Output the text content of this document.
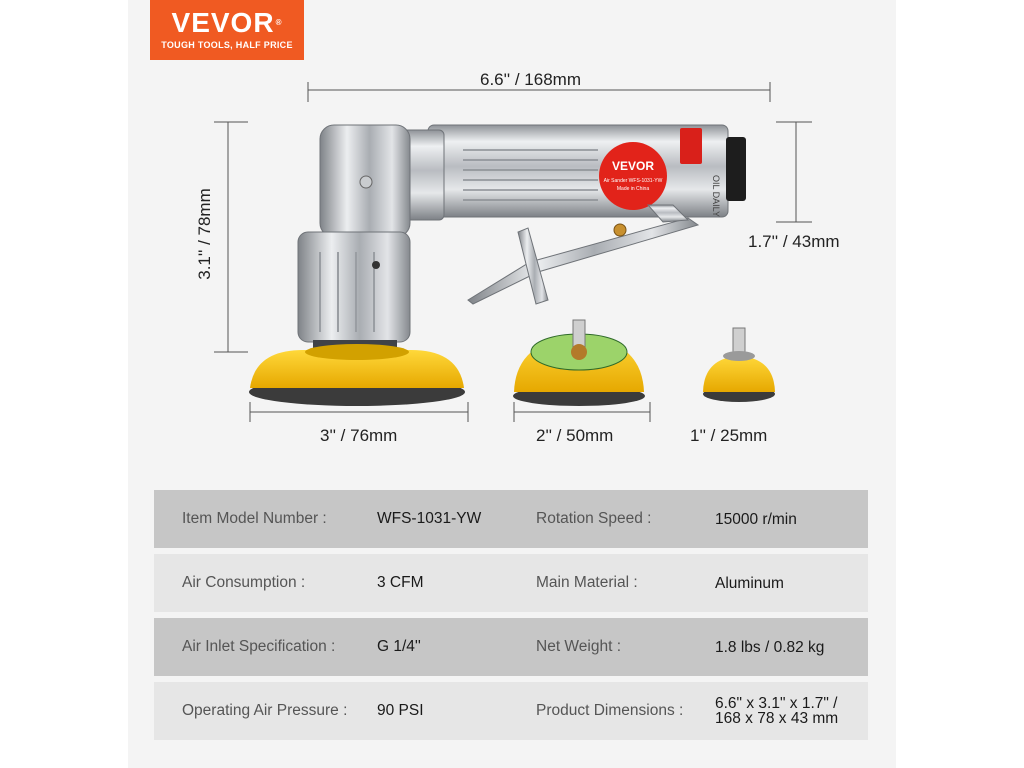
VEVOR®
TOUGH TOOLS, HALF PRICE
VEVOR
Air Sander WFS-1031-YW
Made in China	OIL DAILY
6.6'' / 168mm
3.1'' / 78mm	1.7'' / 43mm
3'' / 76mm	2'' / 50mm	1'' / 25mm
Item Model Number :	WFS-1031-YW	Rotation Speed :	15000 r/min
Air Consumption :	3 CFM	Main Material :	Aluminum
Air Inlet Specification :	G 1/4''	Net Weight :	1.8 lbs / 0.82 kg
Operating Air Pressure : 90 PSI	Product Dimensions : 6.6" x 3.1" x 1.7" /
168 x 78 x 43 mm
